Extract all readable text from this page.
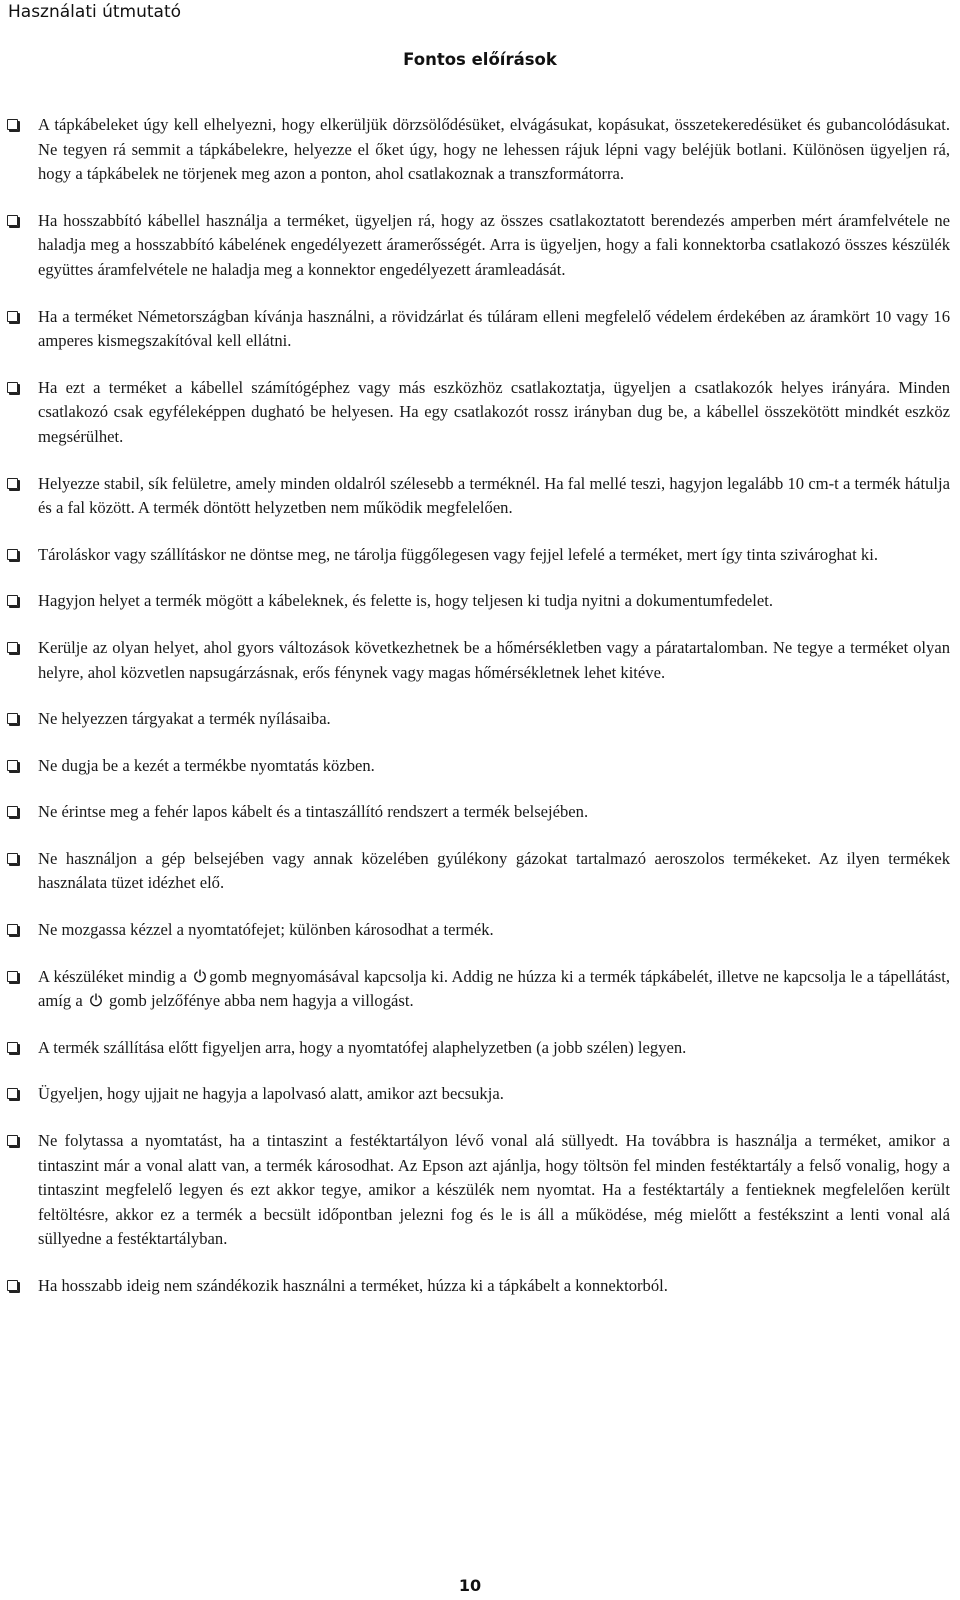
Használati útmutató
Fontos előírások
A tápkábeleket úgy kell elhelyezni, hogy elkerüljük dörzsölődésüket, elvágásukat, kopásukat, összetekeredésüket és gubancolódásukat. Ne tegyen rá semmit a tápkábelekre, helyezze el őket úgy, hogy ne lehessen rájuk lépni vagy beléjük botlani. Különösen ügyeljen rá, hogy a tápkábelek ne törjenek meg azon a ponton, ahol csatlakoznak a transzformátorra.
Ha hosszabbító kábellel használja a terméket, ügyeljen rá, hogy az összes csatlakoztatott berendezés amperben mért áramfelvétele ne haladja meg a hosszabbító kábelének engedélyezett áramerősségét. Arra is ügyeljen, hogy a fali konnektorba csatlakozó összes készülék együttes áramfelvétele ne haladja meg a konnektor engedélyezett áramleadását.
Ha a terméket Németországban kívánja használni, a rövidzárlat és túláram elleni megfelelő védelem érdekében az áramkört 10 vagy 16 amperes kismegszakítóval kell ellátni.
Ha ezt a terméket a kábellel számítógéphez vagy más eszközhöz csatlakoztatja, ügyeljen a csatlakozók helyes irányára. Minden csatlakozó csak egyféleképpen dugható be helyesen. Ha egy csatlakozót rossz irányban dug be, a kábellel összekötött mindkét eszköz megsérülhet.
Helyezze stabil, sík felületre, amely minden oldalról szélesebb a terméknél. Ha fal mellé teszi, hagyjon legalább 10 cm-t a termék hátulja és a fal között. A termék döntött helyzetben nem működik megfelelően.
Tároláskor vagy szállításkor ne döntse meg, ne tárolja függőlegesen vagy fejjel lefelé a terméket, mert így tinta szivároghat ki.
Hagyjon helyet a termék mögött a kábeleknek, és felette is, hogy teljesen ki tudja nyitni a dokumentumfedelet.
Kerülje az olyan helyet, ahol gyors változások következhetnek be a hőmérsékletben vagy a páratartalomban. Ne tegye a terméket olyan helyre, ahol közvetlen napsugárzásnak, erős fénynek vagy magas hőmérsékletnek lehet kitéve.
Ne helyezzen tárgyakat a termék nyílásaiba.
Ne dugja be a kezét a termékbe nyomtatás közben.
Ne érintse meg a fehér lapos kábelt és a tintaszállító rendszert a termék belsejében.
Ne használjon a gép belsejében vagy annak közelében gyúlékony gázokat tartalmazó aeroszolos termékeket. Az ilyen termékek használata tüzet idézhet elő.
Ne mozgassa kézzel a nyomtatófejet; különben károsodhat a termék.
A készüléket mindig a gomb megnyomásával kapcsolja ki. Addig ne húzza ki a termék tápkábelét, illetve ne kapcsolja le a tápellátást, amíg a gomb jelzőfénye abba nem hagyja a villogást.
A termék szállítása előtt figyeljen arra, hogy a nyomtatófej alaphelyzetben (a jobb szélen) legyen.
Ügyeljen, hogy ujjait ne hagyja a lapolvasó alatt, amikor azt becsukja.
Ne folytassa a nyomtatást, ha a tintaszint a festéktartályon lévő vonal alá süllyedt. Ha továbbra is használja a terméket, amikor a tintaszint már a vonal alatt van, a termék károsodhat. Az Epson azt ajánlja, hogy töltsön fel minden festéktartály a felső vonalig, hogy a tintaszint megfelelő legyen és ezt akkor tegye, amikor a készülék nem nyomtat. Ha a festéktartály a fentieknek megfelelően került feltöltésre, akkor ez a termék a becsült időpontban jelezni fog és le is áll a működése, még mielőtt a festékszint a lenti vonal alá süllyedne a festéktartályban.
Ha hosszabb ideig nem szándékozik használni a terméket, húzza ki a tápkábelt a konnektorból.
10
